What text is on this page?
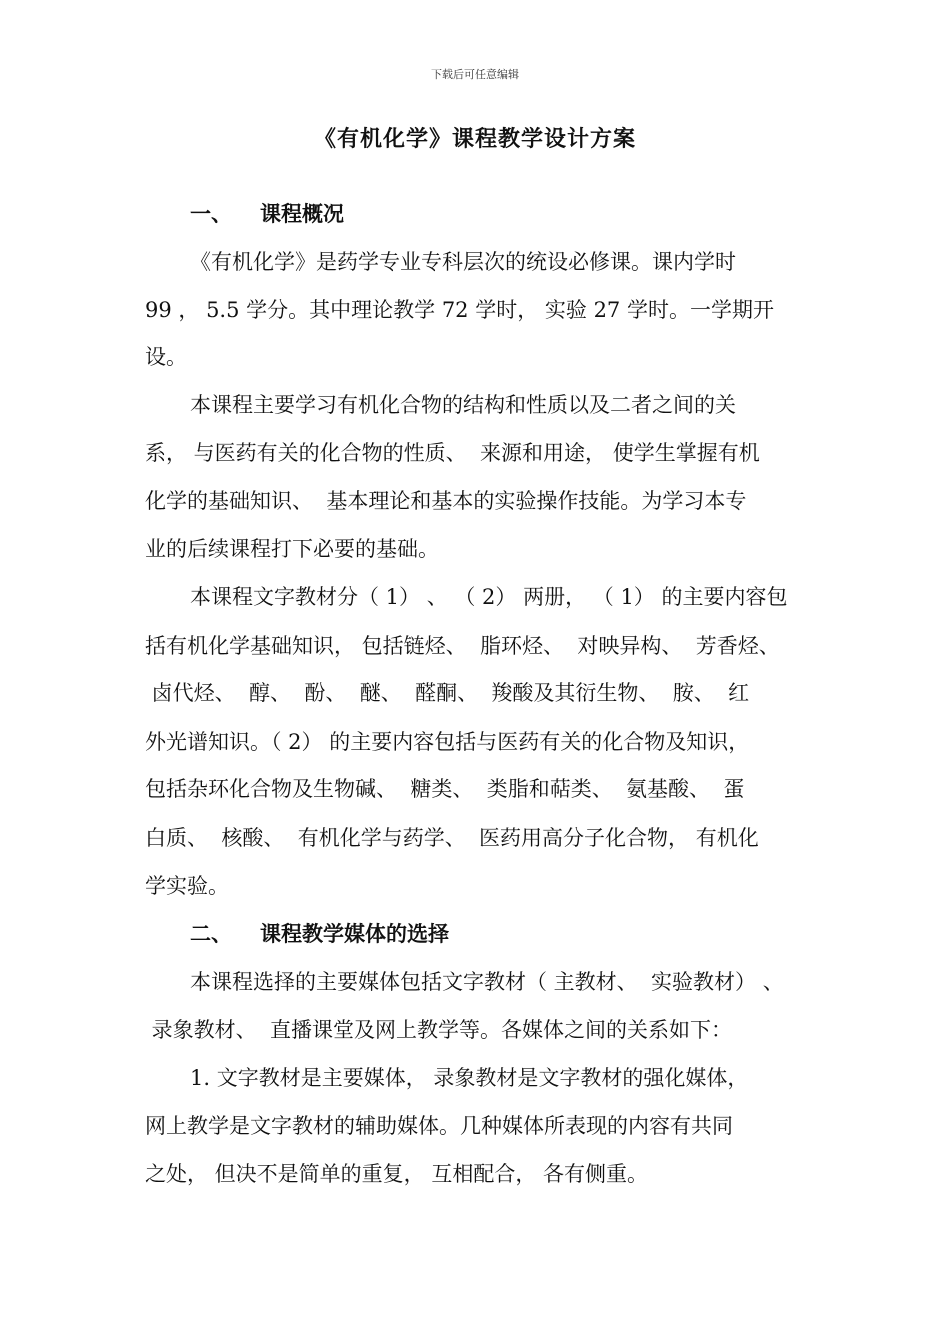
下载后可任意编辑
《有机化学》课程教学设计方案
一、 课程概况
《有机化学》是药学专业专科层次的统设必修课。课内学时
99 ， 5.5 学分。其中理论教学 72 学时， 实验 27 学时。一学期开
设。
本课程主要学习有机化合物的结构和性质以及二者之间的关
系， 与医药有关的化合物的性质、  来源和用途， 使学生掌握有机
化学的基础知识、  基本理论和基本的实验操作技能。为学习本专
业的后续课程打下必要的基础。
本课程文字教材分（ 1） 、 （ 2） 两册， （ 1） 的主要内容包
括有机化学基础知识， 包括链烃、  脂环烃、  对映异构、  芳香烃、
卤代烃、  醇、  酚、  醚、  醛酮、  羧酸及其衍生物、  胺、  红
外光谱知识。（ 2） 的主要内容包括与医药有关的化合物及知识，
包括杂环化合物及生物碱、  糖类、  类脂和萜类、  氨基酸、  蛋
白质、  核酸、  有机化学与药学、  医药用高分子化合物， 有机化
学实验。
二、 课程教学媒体的选择
本课程选择的主要媒体包括文字教材（ 主教材、  实验教材） 、
录象教材、  直播课堂及网上教学等。各媒体之间的关系如下：
1. 文字教材是主要媒体， 录象教材是文字教材的强化媒体，
网上教学是文字教材的辅助媒体。几种媒体所表现的内容有共同
之处， 但决不是简单的重复， 互相配合， 各有侧重。
